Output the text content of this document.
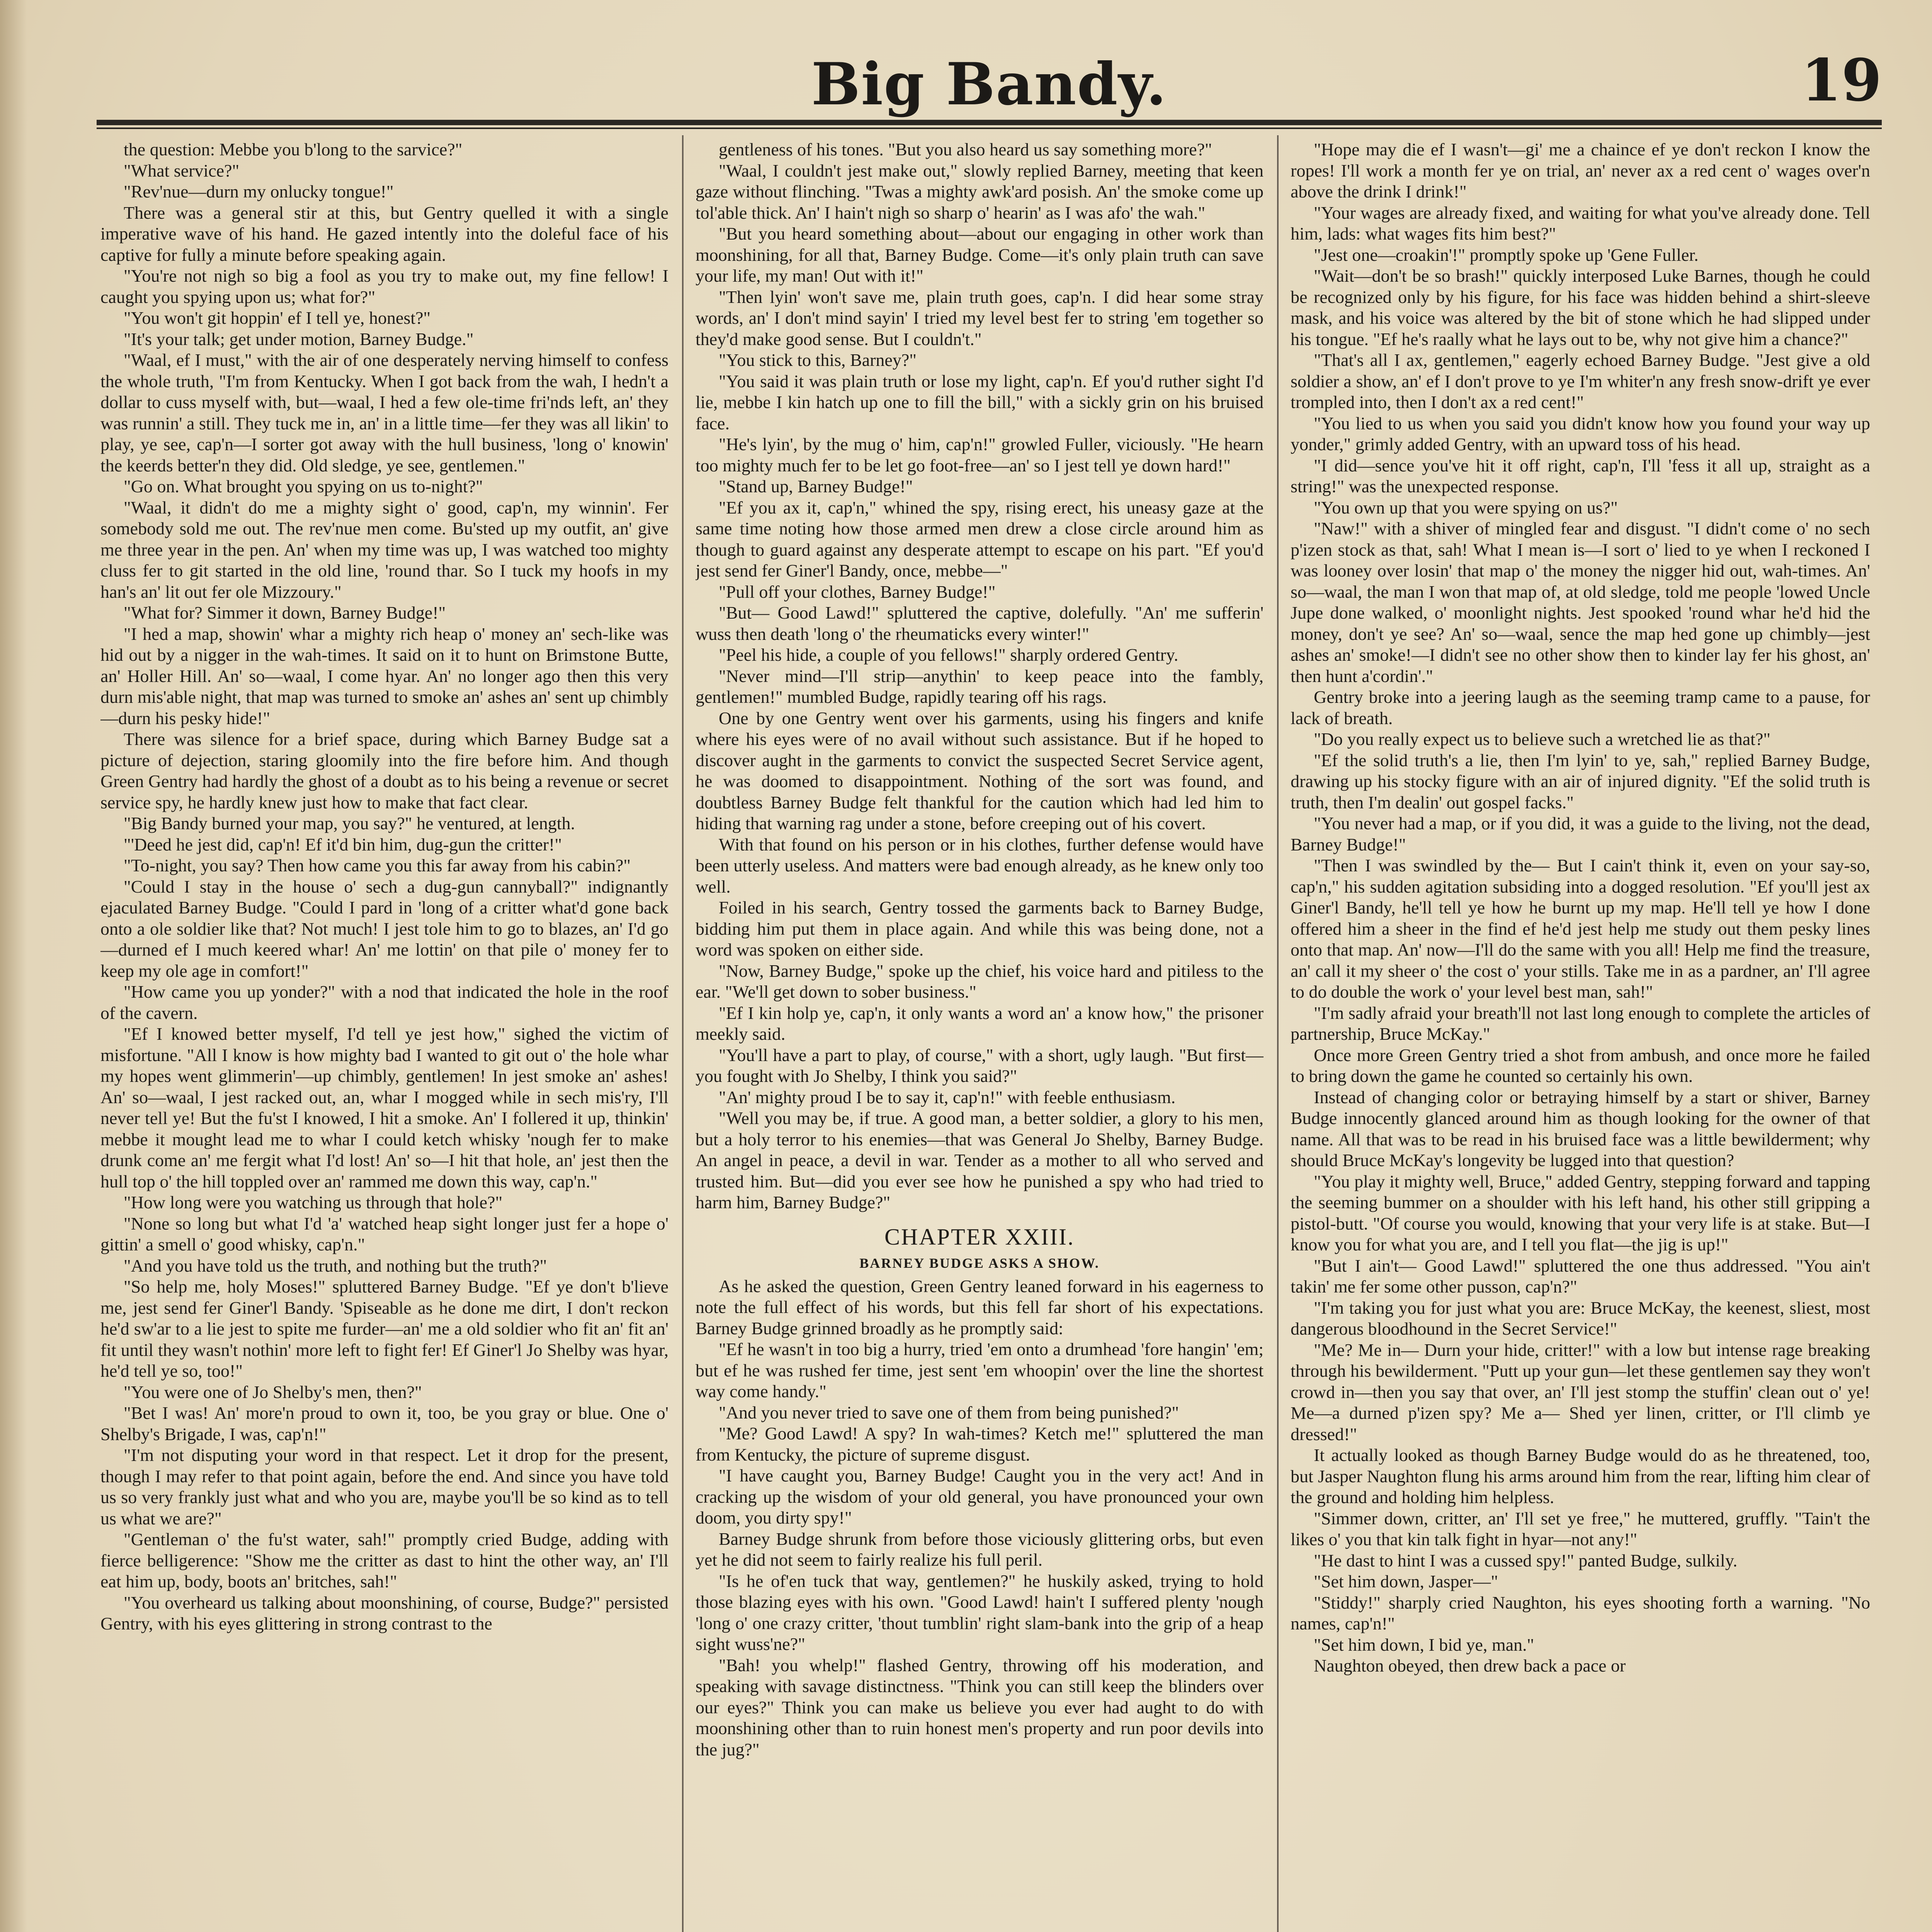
Big Bandy.	19

the question: Mebbe you b'long to the sarvice?"

"What service?"

"Rev'nue—durn my onlucky tongue!"

There was a general stir at this, but Gentry quelled it with a single imperative wave of his hand. He gazed intently into the doleful face of his captive for fully a minute before speaking again.

"You're not nigh so big a fool as you try to make out, my fine fellow! I caught you spying upon us; what for?"

"You won't git hoppin' ef I tell ye, honest?"

"It's your talk; get under motion, Barney Budge."

"Waal, ef I must," with the air of one desperately nerving himself to confess the whole truth, "I'm from Kentucky. When I got back from the wah, I hedn't a dollar to cuss myself with, but—waal, I hed a few ole-time fri'nds left, an' they was runnin' a still. They tuck me in, an' in a little time—fer they was all likin' to play, ye see, cap'n—I sorter got away with the hull business, 'long o' knowin' the keerds better'n they did. Old sledge, ye see, gentlemen."

"Go on. What brought you spying on us to-night?"

"Waal, it didn't do me a mighty sight o' good, cap'n, my winnin'. Fer somebody sold me out. The rev'nue men come. Bu'sted up my outfit, an' give me three year in the pen. An' when my time was up, I was watched too mighty cluss fer to git started in the old line, 'round thar. So I tuck my hoofs in my han's an' lit out fer ole Mizzoury."

"What for? Simmer it down, Barney Budge!"

"I hed a map, showin' whar a mighty rich heap o' money an' sech-like was hid out by a nigger in the wah-times. It said on it to hunt on Brimstone Butte, an' Holler Hill. An' so—waal, I come hyar. An' no longer ago then this very durn mis'able night, that map was turned to smoke an' ashes an' sent up chimbly—durn his pesky hide!"

There was silence for a brief space, during which Barney Budge sat a picture of dejection, staring gloomily into the fire before him. And though Green Gentry had hardly the ghost of a doubt as to his being a revenue or secret service spy, he hardly knew just how to make that fact clear.

"Big Bandy burned your map, you say?" he ventured, at length.

"'Deed he jest did, cap'n! Ef it'd bin him, dug-gun the critter!"

"To-night, you say? Then how came you this far away from his cabin?"

"Could I stay in the house o' sech a dug-gun cannyball?" indignantly ejaculated Barney Budge. "Could I pard in 'long of a critter what'd gone back onto a ole soldier like that? Not much! I jest tole him to go to blazes, an' I'd go—durned ef I much keered whar! An' me lottin' on that pile o' money fer to keep my ole age in comfort!"

"How came you up yonder?" with a nod that indicated the hole in the roof of the cavern.

"Ef I knowed better myself, I'd tell ye jest how," sighed the victim of misfortune. "All I know is how mighty bad I wanted to git out o' the hole whar my hopes went glimmerin'—up chimbly, gentlemen! In jest smoke an' ashes! An' so—waal, I jest racked out, an, whar I mogged while in sech mis'ry, I'll never tell ye! But the fu'st I knowed, I hit a smoke. An' I follered it up, thinkin' mebbe it mought lead me to whar I could ketch whisky 'nough fer to make drunk come an' me fergit what I'd lost! An' so—I hit that hole, an' jest then the hull top o' the hill toppled over an' rammed me down this way, cap'n."

"How long were you watching us through that hole?"

"None so long but what I'd 'a' watched heap sight longer just fer a hope o' gittin' a smell o' good whisky, cap'n."

"And you have told us the truth, and nothing but the truth?"

"So help me, holy Moses!" spluttered Barney Budge. "Ef ye don't b'lieve me, jest send fer Giner'l Bandy. 'Spiseable as he done me dirt, I don't reckon he'd sw'ar to a lie jest to spite me furder—an' me a old soldier who fit an' fit an' fit until they wasn't nothin' more left to fight fer! Ef Giner'l Jo Shelby was hyar, he'd tell ye so, too!"

"You were one of Jo Shelby's men, then?"

"Bet I was! An' more'n proud to own it, too, be you gray or blue. One o' Shelby's Brigade, I was, cap'n!"

"I'm not disputing your word in that respect. Let it drop for the present, though I may refer to that point again, before the end. And since you have told us so very frankly just what and who you are, maybe you'll be so kind as to tell us what we are?"

"Gentleman o' the fu'st water, sah!" promptly cried Budge, adding with fierce belligerence: "Show me the critter as dast to hint the other way, an' I'll eat him up, body, boots an' britches, sah!"

"You overheard us talking about moonshining, of course, Budge?" persisted Gentry, with his eyes glittering in strong contrast to the

gentleness of his tones. "But you also heard us say something more?"

"Waal, I couldn't jest make out," slowly replied Barney, meeting that keen gaze without flinching. "Twas a mighty awk'ard posish. An' the smoke come up tol'able thick. An' I hain't nigh so sharp o' hearin' as I was afo' the wah."

"But you heard something about—about our engaging in other work than moonshining, for all that, Barney Budge. Come—it's only plain truth can save your life, my man! Out with it!"

"Then lyin' won't save me, plain truth goes, cap'n. I did hear some stray words, an' I don't mind sayin' I tried my level best fer to string 'em together so they'd make good sense. But I couldn't."

"You stick to this, Barney?"

"You said it was plain truth or lose my light, cap'n. Ef you'd ruther sight I'd lie, mebbe I kin hatch up one to fill the bill," with a sickly grin on his bruised face.

"He's lyin', by the mug o' him, cap'n!" growled Fuller, viciously. "He hearn too mighty much fer to be let go foot-free—an' so I jest tell ye down hard!"

"Stand up, Barney Budge!"

"Ef you ax it, cap'n," whined the spy, rising erect, his uneasy gaze at the same time noting how those armed men drew a close circle around him as though to guard against any desperate attempt to escape on his part. "Ef you'd jest send fer Giner'l Bandy, once, mebbe—"

"Pull off your clothes, Barney Budge!"

"But— Good Lawd!" spluttered the captive, dolefully. "An' me sufferin' wuss then death 'long o' the rheumaticks every winter!"

"Peel his hide, a couple of you fellows!" sharply ordered Gentry.

"Never mind—I'll strip—anythin' to keep peace into the fambly, gentlemen!" mumbled Budge, rapidly tearing off his rags.

One by one Gentry went over his garments, using his fingers and knife where his eyes were of no avail without such assistance. But if he hoped to discover aught in the garments to convict the suspected Secret Service agent, he was doomed to disappointment. Nothing of the sort was found, and doubtless Barney Budge felt thankful for the caution which had led him to hiding that warning rag under a stone, before creeping out of his covert.

With that found on his person or in his clothes, further defense would have been utterly useless. And matters were bad enough already, as he knew only too well.

Foiled in his search, Gentry tossed the garments back to Barney Budge, bidding him put them in place again. And while this was being done, not a word was spoken on either side.

"Now, Barney Budge," spoke up the chief, his voice hard and pitiless to the ear. "We'll get down to sober business."

"Ef I kin holp ye, cap'n, it only wants a word an' a know how," the prisoner meekly said.

"You'll have a part to play, of course," with a short, ugly laugh. "But first—you fought with Jo Shelby, I think you said?"

"An' mighty proud I be to say it, cap'n!" with feeble enthusiasm.

"Well you may be, if true. A good man, a better soldier, a glory to his men, but a holy terror to his enemies—that was General Jo Shelby, Barney Budge. An angel in peace, a devil in war. Tender as a mother to all who served and trusted him. But—did you ever see how he punished a spy who had tried to harm him, Barney Budge?"

CHAPTER XXIII.
BARNEY BUDGE ASKS A SHOW.

As he asked the question, Green Gentry leaned forward in his eagerness to note the full effect of his words, but this fell far short of his expectations. Barney Budge grinned broadly as he promptly said:

"Ef he wasn't in too big a hurry, tried 'em onto a drumhead 'fore hangin' 'em; but ef he was rushed fer time, jest sent 'em whoopin' over the line the shortest way come handy."

"And you never tried to save one of them from being punished?"

"Me? Good Lawd! A spy? In wah-times? Ketch me!" spluttered the man from Kentucky, the picture of supreme disgust.

"I have caught you, Barney Budge! Caught you in the very act! And in cracking up the wisdom of your old general, you have pronounced your own doom, you dirty spy!"

Barney Budge shrunk from before those viciously glittering orbs, but even yet he did not seem to fairly realize his full peril.

"Is he of'en tuck that way, gentlemen?" he huskily asked, trying to hold those blazing eyes with his own. "Good Lawd! hain't I suffered plenty 'nough 'long o' one crazy critter, 'thout tumblin' right slam-bank into the grip of a heap sight wuss'ne?"

"Bah! you whelp!" flashed Gentry, throwing off his moderation, and speaking with savage distinctness. "Think you can still keep the blinders over our eyes?" Think you can make us believe you ever had aught to do with moonshining other than to ruin honest men's property and run poor devils into the jug?"

"Hope may die ef I wasn't—gi' me a chaince ef ye don't reckon I know the ropes! I'll work a month fer ye on trial, an' never ax a red cent o' wages over'n above the drink I drink!"

"Your wages are already fixed, and waiting for what you've already done. Tell him, lads: what wages fits him best?"

"Jest one—croakin'!" promptly spoke up 'Gene Fuller.

"Wait—don't be so brash!" quickly interposed Luke Barnes, though he could be recognized only by his figure, for his face was hidden behind a shirt-sleeve mask, and his voice was altered by the bit of stone which he had slipped under his tongue. "Ef he's raally what he lays out to be, why not give him a chance?"

"That's all I ax, gentlemen," eagerly echoed Barney Budge. "Jest give a old soldier a show, an' ef I don't prove to ye I'm whiter'n any fresh snow-drift ye ever trompled into, then I don't ax a red cent!"

"You lied to us when you said you didn't know how you found your way up yonder," grimly added Gentry, with an upward toss of his head.

"I did—sence you've hit it off right, cap'n, I'll 'fess it all up, straight as a string!" was the unexpected response.

"You own up that you were spying on us?"

"Naw!" with a shiver of mingled fear and disgust. "I didn't come o' no sech p'izen stock as that, sah! What I mean is—I sort o' lied to ye when I reckoned I was looney over losin' that map o' the money the nigger hid out, wah-times. An' so—waal, the man I won that map of, at old sledge, told me people 'lowed Uncle Jupe done walked, o' moonlight nights. Jest spooked 'round whar he'd hid the money, don't ye see? An' so—waal, sence the map hed gone up chimbly—jest ashes an' smoke!—I didn't see no other show then to kinder lay fer his ghost, an' then hunt a'cordin'."

Gentry broke into a jeering laugh as the seeming tramp came to a pause, for lack of breath.

"Do you really expect us to believe such a wretched lie as that?"

"Ef the solid truth's a lie, then I'm lyin' to ye, sah," replied Barney Budge, drawing up his stocky figure with an air of injured dignity. "Ef the solid truth is truth, then I'm dealin' out gospel facks."

"You never had a map, or if you did, it was a guide to the living, not the dead, Barney Budge!"

"Then I was swindled by the— But I cain't think it, even on your say-so, cap'n," his sudden agitation subsiding into a dogged resolution. "Ef you'll jest ax Giner'l Bandy, he'll tell ye how he burnt up my map. He'll tell ye how I done offered him a sheer in the find ef he'd jest help me study out them pesky lines onto that map. An' now—I'll do the same with you all! Help me find the treasure, an' call it my sheer o' the cost o' your stills. Take me in as a pardner, an' I'll agree to do double the work o' your level best man, sah!"

"I'm sadly afraid your breath'll not last long enough to complete the articles of partnership, Bruce McKay."

Once more Green Gentry tried a shot from ambush, and once more he failed to bring down the game he counted so certainly his own.

Instead of changing color or betraying himself by a start or shiver, Barney Budge innocently glanced around him as though looking for the owner of that name. All that was to be read in his bruised face was a little bewilderment; why should Bruce McKay's longevity be lugged into that question?

"You play it mighty well, Bruce," added Gentry, stepping forward and tapping the seeming bummer on a shoulder with his left hand, his other still gripping a pistol-butt. "Of course you would, knowing that your very life is at stake. But—I know you for what you are, and I tell you flat—the jig is up!"

"But I ain't— Good Lawd!" spluttered the one thus addressed. "You ain't takin' me fer some other pusson, cap'n?"

"I'm taking you for just what you are: Bruce McKay, the keenest, sliest, most dangerous bloodhound in the Secret Service!"

"Me? Me in— Durn your hide, critter!" with a low but intense rage breaking through his bewilderment. "Putt up your gun—let these gentlemen say they won't crowd in—then you say that over, an' I'll jest stomp the stuffin' clean out o' ye! Me—a durned p'izen spy? Me a— Shed yer linen, critter, or I'll climb ye dressed!"

It actually looked as though Barney Budge would do as he threatened, too, but Jasper Naughton flung his arms around him from the rear, lifting him clear of the ground and holding him helpless.

"Simmer down, critter, an' I'll set ye free," he muttered, gruffly. "Tain't the likes o' you that kin talk fight in hyar—not any!"

"He dast to hint I was a cussed spy!" panted Budge, sulkily.

"Set him down, Jasper—"

"Stiddy!" sharply cried Naughton, his eyes shooting forth a warning. "No names, cap'n!"

"Set him down, I bid ye, man."

Naughton obeyed, then drew back a pace or
